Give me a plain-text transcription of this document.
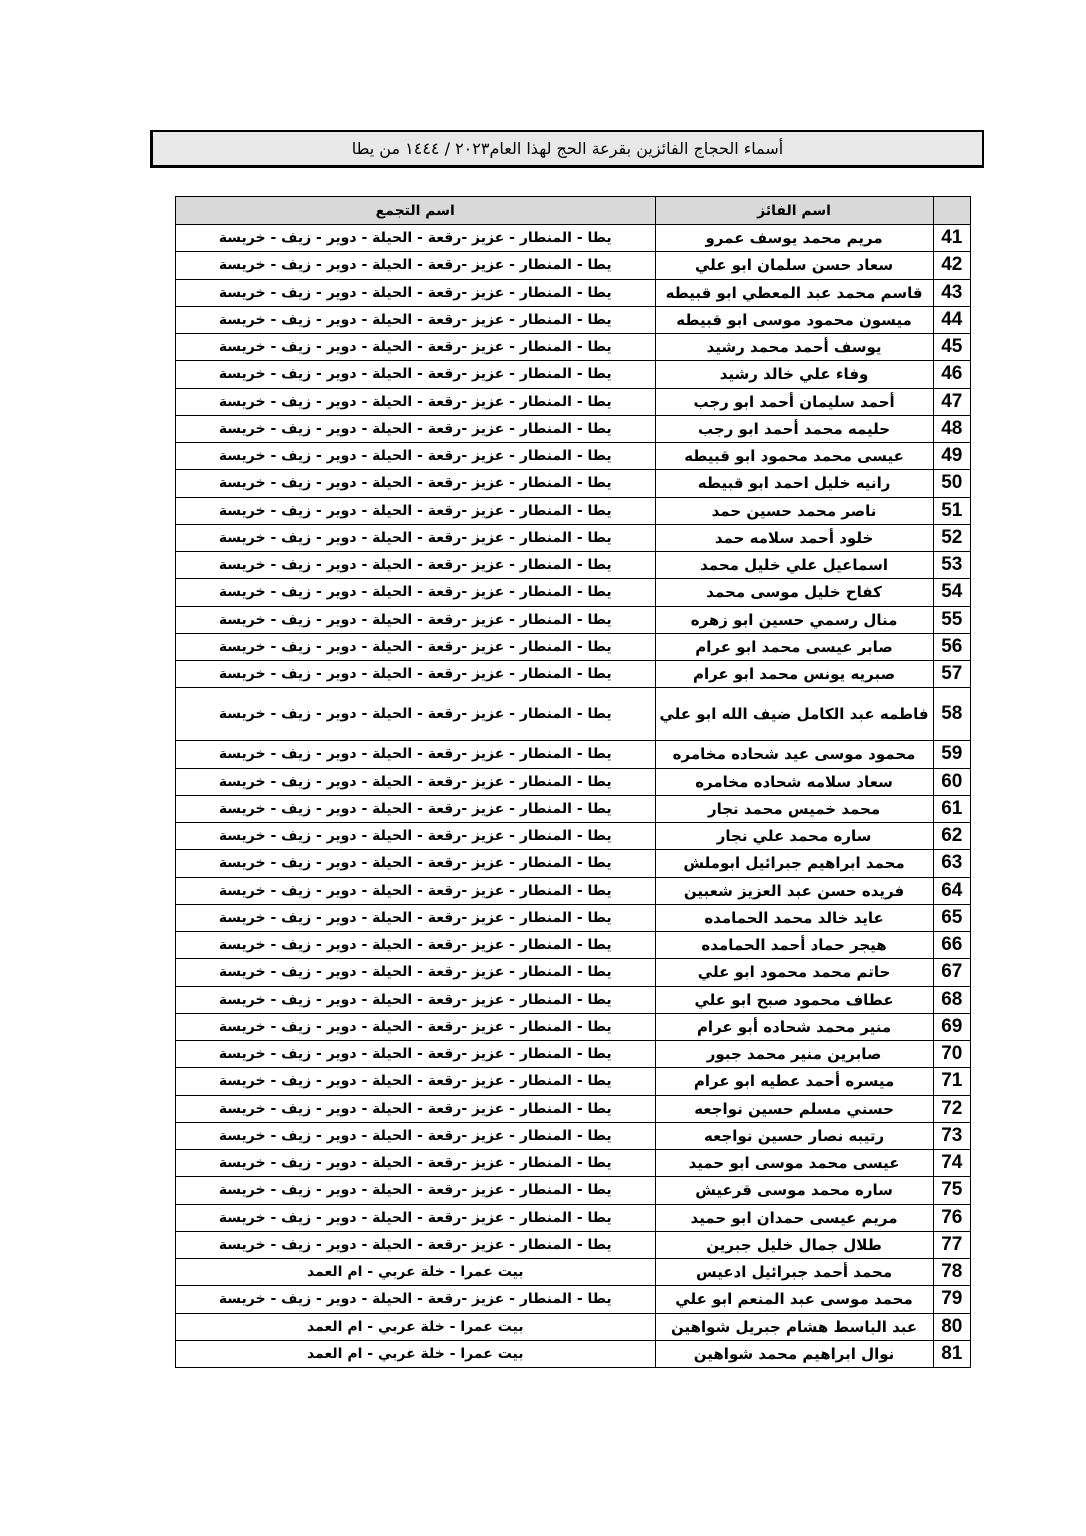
أسماء الحجاج الفائزين بقرعة الحج لهذا العام٢٠٢٣ / ١٤٤٤ من يطا
	اسم الفائز	اسم التجمع
41	مريم محمد يوسف عمرو	يطا - المنطار - عزيز -رقعة - الحيلة - دوير - زيف - خريسة
42	سعاد حسن سلمان ابو علي	يطا - المنطار - عزيز -رقعة - الحيلة - دوير - زيف - خريسة
43	قاسم محمد عبد المعطي ابو قبيطه	يطا - المنطار - عزيز -رقعة - الحيلة - دوير - زيف - خريسة
44	ميسون محمود موسى ابو قبيطه	يطا - المنطار - عزيز -رقعة - الحيلة - دوير - زيف - خريسة
45	يوسف أحمد محمد رشيد	يطا - المنطار - عزيز -رقعة - الحيلة - دوير - زيف - خريسة
46	وفاء علي خالد رشيد	يطا - المنطار - عزيز -رقعة - الحيلة - دوير - زيف - خريسة
47	أحمد سليمان أحمد ابو رجب	يطا - المنطار - عزيز -رقعة - الحيلة - دوير - زيف - خريسة
48	حليمه محمد أحمد ابو رجب	يطا - المنطار - عزيز -رقعة - الحيلة - دوير - زيف - خريسة
49	عيسى محمد محمود ابو قبيطه	يطا - المنطار - عزيز -رقعة - الحيلة - دوير - زيف - خريسة
50	رانيه خليل احمد ابو قبيطه	يطا - المنطار - عزيز -رقعة - الحيلة - دوير - زيف - خريسة
51	ناصر محمد حسين حمد	يطا - المنطار - عزيز -رقعة - الحيلة - دوير - زيف - خريسة
52	خلود أحمد سلامه حمد	يطا - المنطار - عزيز -رقعة - الحيلة - دوير - زيف - خريسة
53	اسماعيل علي خليل محمد	يطا - المنطار - عزيز -رقعة - الحيلة - دوير - زيف - خريسة
54	كفاح خليل موسى محمد	يطا - المنطار - عزيز -رقعة - الحيلة - دوير - زيف - خريسة
55	منال رسمي حسين ابو زهره	يطا - المنطار - عزيز -رقعة - الحيلة - دوير - زيف - خريسة
56	صابر عيسى محمد ابو عرام	يطا - المنطار - عزيز -رقعة - الحيلة - دوير - زيف - خريسة
57	صبريه يونس محمد ابو عرام	يطا - المنطار - عزيز -رقعة - الحيلة - دوير - زيف - خريسة
58	فاطمه عبد الكامل ضيف الله ابو علي	يطا - المنطار - عزيز -رقعة - الحيلة - دوير - زيف - خريسة
59	محمود موسى عيد شحاده مخامره	يطا - المنطار - عزيز -رقعة - الحيلة - دوير - زيف - خريسة
60	سعاد سلامه شحاده مخامره	يطا - المنطار - عزيز -رقعة - الحيلة - دوير - زيف - خريسة
61	محمد خميس محمد نجار	يطا - المنطار - عزيز -رقعة - الحيلة - دوير - زيف - خريسة
62	ساره محمد علي نجار	يطا - المنطار - عزيز -رقعة - الحيلة - دوير - زيف - خريسة
63	محمد ابراهيم جبرائيل ابوملش	يطا - المنطار - عزيز -رقعة - الحيلة - دوير - زيف - خريسة
64	فريده حسن عبد العزيز شعبين	يطا - المنطار - عزيز -رقعة - الحيلة - دوير - زيف - خريسة
65	عايد خالد محمد الحمامده	يطا - المنطار - عزيز -رقعة - الحيلة - دوير - زيف - خريسة
66	هيجر حماد أحمد الحمامده	يطا - المنطار - عزيز -رقعة - الحيلة - دوير - زيف - خريسة
67	حاتم محمد محمود ابو علي	يطا - المنطار - عزيز -رقعة - الحيلة - دوير - زيف - خريسة
68	عطاف محمود صبح ابو علي	يطا - المنطار - عزيز -رقعة - الحيلة - دوير - زيف - خريسة
69	منير محمد شحاده أبو عرام	يطا - المنطار - عزيز -رقعة - الحيلة - دوير - زيف - خريسة
70	صابرين منير محمد جبور	يطا - المنطار - عزيز -رقعة - الحيلة - دوير - زيف - خريسة
71	ميسره أحمد عطيه ابو عرام	يطا - المنطار - عزيز -رقعة - الحيلة - دوير - زيف - خريسة
72	حسني مسلم حسين نواجعه	يطا - المنطار - عزيز -رقعة - الحيلة - دوير - زيف - خريسة
73	رتيبه نصار حسين نواجعه	يطا - المنطار - عزيز -رقعة - الحيلة - دوير - زيف - خريسة
74	عيسى محمد موسى ابو حميد	يطا - المنطار - عزيز -رقعة - الحيلة - دوير - زيف - خريسة
75	ساره محمد موسى قرعيش	يطا - المنطار - عزيز -رقعة - الحيلة - دوير - زيف - خريسة
76	مريم عيسى حمدان ابو حميد	يطا - المنطار - عزيز -رقعة - الحيلة - دوير - زيف - خريسة
77	طلال جمال خليل جبرين	يطا - المنطار - عزيز -رقعة - الحيلة - دوير - زيف - خريسة
78	محمد أحمد جبرائيل ادعيس	بيت عمرا - خلة عربي - ام العمد
79	محمد موسى عبد المنعم ابو علي	يطا - المنطار - عزيز -رقعة - الحيلة - دوير - زيف - خريسة
80	عبد الباسط هشام جبريل شواهين	بيت عمرا - خلة عربي - ام العمد
81	نوال ابراهيم محمد شواهين	بيت عمرا - خلة عربي - ام العمد
